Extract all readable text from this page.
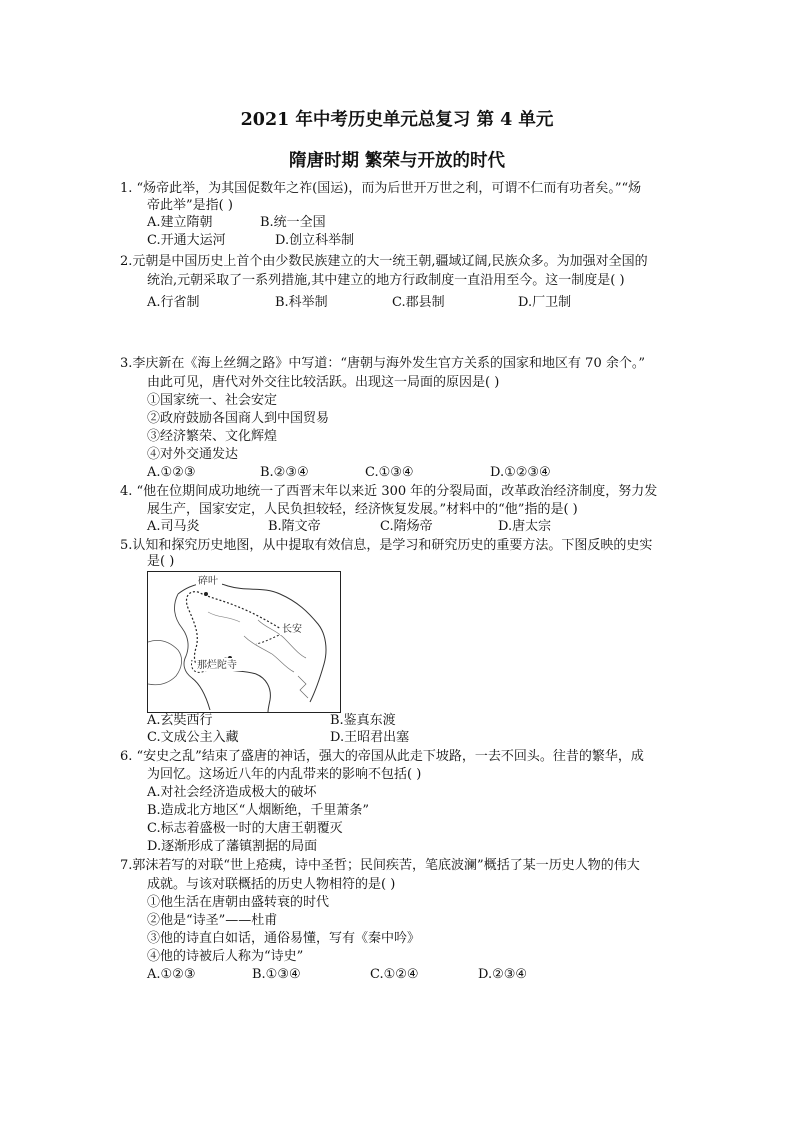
2021 年中考历史单元总复习 第 4 单元
隋唐时期 繁荣与开放的时代
1. “炀帝此举，为其国促数年之祚(国运)，而为后世开万世之利，可谓不仁而有功者矣。”“炀
帝此举”是指( )
A.建立隋朝	B.统一全国
C.开通大运河	D.创立科举制
2.元朝是中国历史上首个由少数民族建立的大一统王朝,疆域辽阔,民族众多。为加强对全国的
统治,元朝采取了一系列措施,其中建立的地方行政制度一直沿用至今。这一制度是( )
A.行省制	B.科举制	C.郡县制	D.厂卫制
3.李庆新在《海上丝绸之路》中写道：“唐朝与海外发生官方关系的国家和地区有 70 余个。”
由此可见，唐代对外交往比较活跃。出现这一局面的原因是( )
①国家统一、社会安定
②政府鼓励各国商人到中国贸易
③经济繁荣、文化辉煌
④对外交通发达
A.①②③	B.②③④	C.①③④	D.①②③④
4. “他在位期间成功地统一了西晋末年以来近 300 年的分裂局面，改革政治经济制度，努力发
展生产，国家安定，人民负担较轻，经济恢复发展。”材料中的“他”指的是( )
A.司马炎	B.隋文帝	C.隋炀帝	D.唐太宗
5.认知和探究历史地图，从中提取有效信息，是学习和研究历史的重要方法。下图反映的史实
是( )
碎叶
长安
那烂陀寺
A.玄奘西行	B.鉴真东渡
C.文成公主入藏	D.王昭君出塞
6. “安史之乱”结束了盛唐的神话，强大的帝国从此走下坡路，一去不回头。往昔的繁华，成
为回忆。这场近八年的内乱带来的影响不包括( )
A.对社会经济造成极大的破坏
B.造成北方地区“人烟断绝，千里萧条”
C.标志着盛极一时的大唐王朝覆灭
D.逐渐形成了藩镇割据的局面
7.郭沫若写的对联“世上疮痍，诗中圣哲；民间疾苦，笔底波澜”概括了某一历史人物的伟大
成就。与该对联概括的历史人物相符的是( )
①他生活在唐朝由盛转衰的时代
②他是“诗圣”——杜甫
③他的诗直白如话，通俗易懂，写有《秦中吟》
④他的诗被后人称为“诗史”
A.①②③	B.①③④	C.①②④	D.②③④
